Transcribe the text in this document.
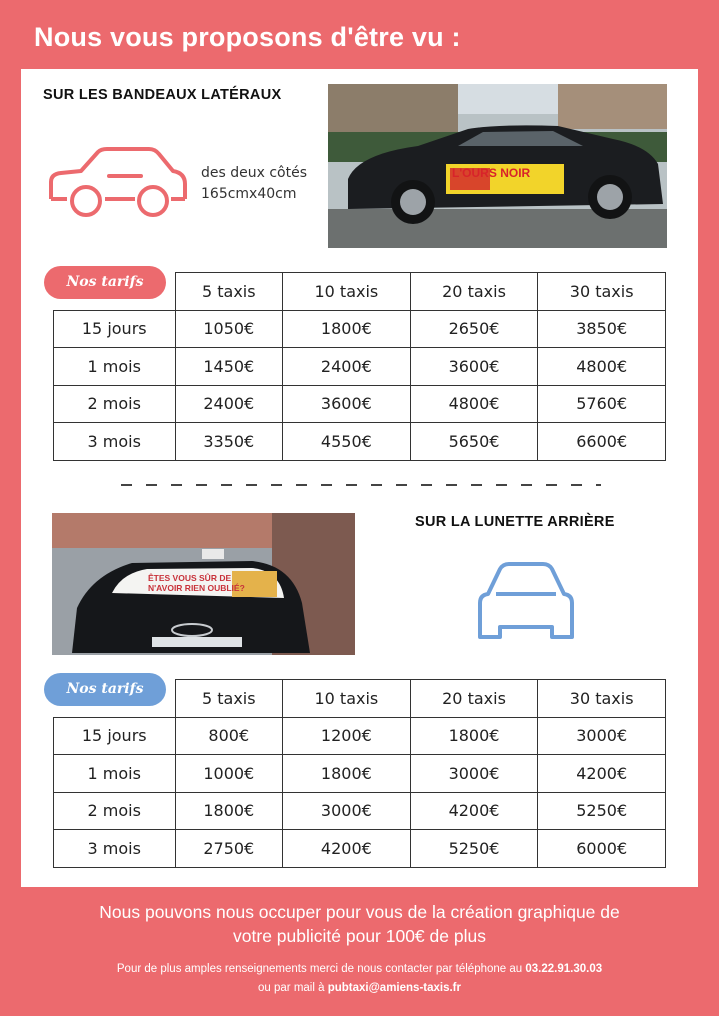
Nous vous proposons d'être vu :
SUR LES BANDEAUX LATÉRAUX
des deux côtés
165cmx40cm
L'OURS NOIR
Nos tarifs
		5 taxis	10 taxis	20 taxis	30 taxis
15 jours	1050€	1800€	2650€	3850€
1 mois	1450€	2400€	3600€	4800€
2 mois	2400€	3600€	4800€	5760€
3 mois	3350€	4550€	5650€	6600€
ÊTES VOUS SÛR DE
N'AVOIR RIEN OUBLIÉ?
SUR LA LUNETTE ARRIÈRE
Nos tarifs
		5 taxis	10 taxis	20 taxis	30 taxis
15 jours	800€	1200€	1800€	3000€
1 mois	1000€	1800€	3000€	4200€
2 mois	1800€	3000€	4200€	5250€
3 mois	2750€	4200€	5250€	6000€
Nous pouvons nous occuper pour vous de la création graphique de
votre publicité pour 100€ de plus
Pour de plus amples renseignements merci de nous contacter par téléphone au 03.22.91.30.03
ou par mail à pubtaxi@amiens-taxis.fr
